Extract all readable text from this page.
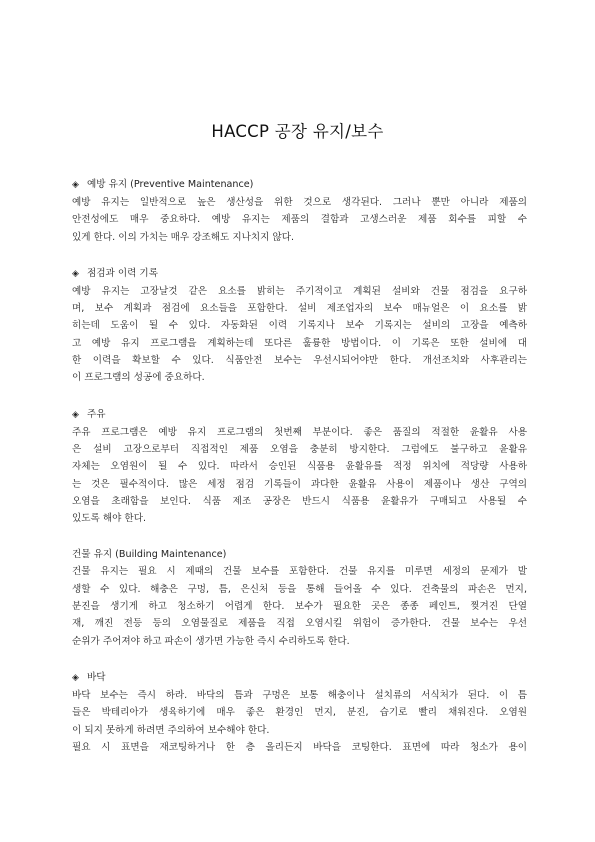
HACCP 공장 유지/보수
◈ 예방 유지 (Preventive Maintenance)
예방 유지는 일반적으로 높은 생산성을 위한 것으로 생각된다. 그러나 뿐만 아니라 제품의
안전성에도 매우 중요하다. 예방 유지는 제품의 결함과 고생스러운 제품 회수를 피할 수
있게 한다. 이의 가치는 매우 강조해도 지나치지 않다.
◈ 점검과 이력 기록
예방 유지는 고장날것 같은 요소를 밝히는 주기적이고 계획된 설비와 건물 점검을 요구하
며, 보수 계획과 점검에 요소들을 포함한다. 설비 제조업자의 보수 매뉴얼은 이 요소를 밝
히는데 도움이 될 수 있다. 자동화된 이력 기록지나 보수 기록지는 설비의 고장을 예측하
고 예방 유지 프로그램을 계획하는데 또다른 훌륭한 방법이다. 이 기록은 또한 설비에 대
한 이력을 확보할 수 있다. 식품안전 보수는 우선시되어야만 한다. 개선조치와 사후관리는
이 프로그램의 성공에 중요하다.
◈ 주유
주유 프로그램은 예방 유지 프로그램의 첫번째 부분이다. 좋은 품질의 적절한 윤활유 사용
은 설비 고장으로부터 직접적인 제품 오염을 충분히 방지한다. 그럼에도 불구하고 윤활유
자체는 오염원이 될 수 있다. 따라서 승인된 식품용 윤활유를 적정 위치에 적당량 사용하
는 것은 필수적이다. 많은 세정 점검 기록들이 과다한 윤활유 사용이 제품이나 생산 구역의
오염을 초래함을 보인다. 식품 제조 공장은 반드시 식품용 윤활유가 구매되고 사용될 수
있도록 해야 한다.
건물 유지 (Building Maintenance)
건물 유지는 필요 시 제때의 건물 보수를 포함한다. 건물 유지를 미루면 세정의 문제가 발
생할 수 있다. 해충은 구멍, 틈, 은신처 등을 통해 들어올 수 있다. 건축물의 파손은 먼지,
분진을 생기게 하고 청소하기 어렵게 한다. 보수가 필요한 곳은 종종 페인트, 찢겨진 단열
재, 깨진 전등 등의 오염물질로 제품을 직접 오염시킬 위험이 증가한다. 건물 보수는 우선
순위가 주어져야 하고 파손이 생가면 가능한 즉시 수리하도록 한다.
◈ 바닥
바닥 보수는 즉시 하라. 바닥의 틈과 구멍은 보통 해충이나 설치류의 서식처가 된다. 이 틈
들은 박테리아가 생육하기에 매우 좋은 환경인 먼지, 분진, 습기로 빨리 채워진다. 오염원
이 되지 못하게 하려면 주의하여 보수해야 한다.
필요 시 표면을 재코팅하거나 한 층 올리든지 바닥을 코팅한다. 표면에 따라 청소가 용이
